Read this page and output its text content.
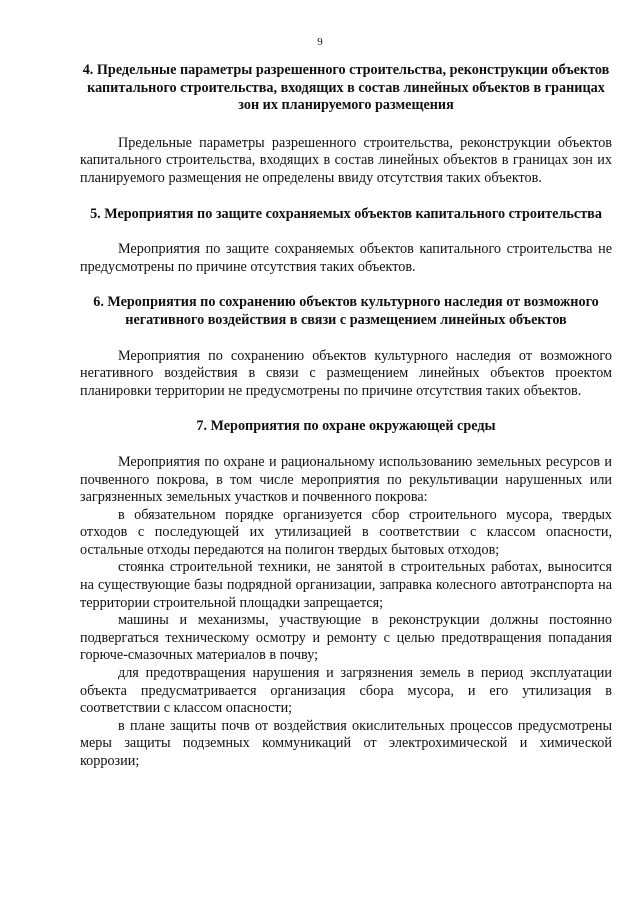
9
4. Предельные параметры разрешенного строительства, реконструкции объектов капитального строительства, входящих в состав линейных объектов в границах зон их планируемого размещения

Предельные параметры разрешенного строительства, реконструкции объектов капитального строительства, входящих в состав линейных объектов в границах зон их планируемого размещения не определены ввиду отсутствия таких объектов.

5. Мероприятия по защите сохраняемых объектов капитального строительства

Мероприятия по защите сохраняемых объектов капитального строительства не предусмотрены по причине отсутствия таких объектов.

6. Мероприятия по сохранению объектов культурного наследия от возможного негативного воздействия в связи с размещением линейных объектов

Мероприятия по сохранению объектов культурного наследия от возможного негативного воздействия в связи с размещением линейных объектов проектом планировки территории не предусмотрены по причине отсутствия таких объектов.

7. Мероприятия по охране окружающей среды

Мероприятия по охране и рациональному использованию земельных ресурсов и почвенного покрова, в том числе мероприятия по рекультивации нарушенных или загрязненных земельных участков и почвенного покрова:

в обязательном порядке организуется сбор строительного мусора, твердых отходов с последующей их утилизацией в соответствии с классом опасности, остальные отходы передаются на полигон твердых бытовых отходов;

стоянка строительной техники, не занятой в строительных работах, выносится на существующие базы подрядной организации, заправка колесного автотранспорта на территории строительной площадки запрещается;

машины и механизмы, участвующие в реконструкции должны постоянно подвергаться техническому осмотру и ремонту с целью предотвращения попадания горюче-смазочных материалов в почву;

для предотвращения нарушения и загрязнения земель в период эксплуатации объекта предусматривается организация сбора мусора, и его утилизация в соответствии с классом опасности;

в плане защиты почв от воздействия окислительных процессов предусмотрены меры защиты подземных коммуникаций от электрохимической и химической коррозии;
